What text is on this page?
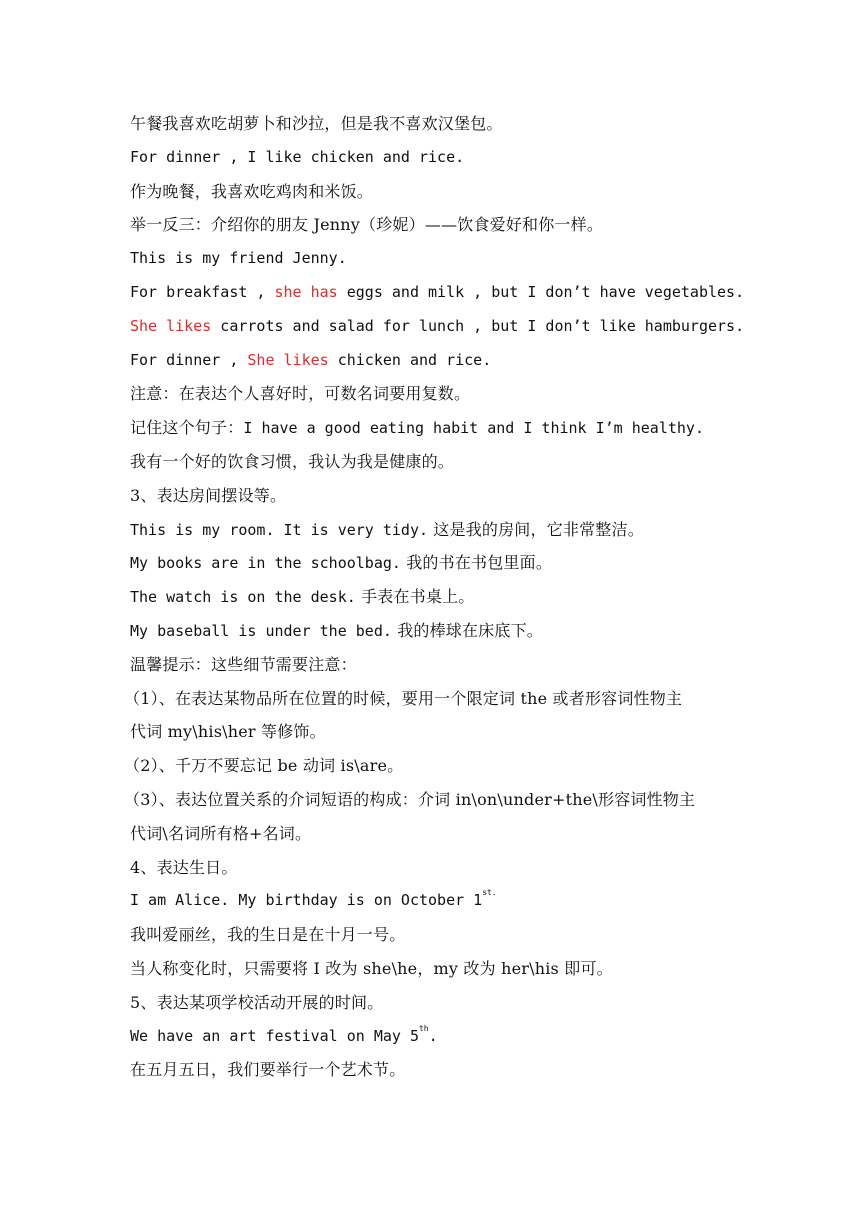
午餐我喜欢吃胡萝卜和沙拉，但是我不喜欢汉堡包。
For dinner , I like chicken and rice.
作为晚餐，我喜欢吃鸡肉和米饭。
举一反三：介绍你的朋友 Jenny（珍妮）——饮食爱好和你一样。
This is my friend Jenny.
For breakfast , she has eggs and milk , but I don’t have vegetables.
She likes carrots and salad for lunch , but I don’t like hamburgers.
For dinner , She likes chicken and rice.
注意：在表达个人喜好时，可数名词要用复数。
记住这个句子：I have a good eating habit and I think I’m healthy.
我有一个好的饮食习惯，我认为我是健康的。
3、表达房间摆设等。
This is my room. It is very tidy. 这是我的房间，它非常整洁。
My books are in the schoolbag. 我的书在书包里面。
The watch is on the desk. 手表在书桌上。
My baseball is under the bed. 我的棒球在床底下。
温馨提示：这些细节需要注意：
（1）、在表达某物品所在位置的时候，要用一个限定词 the 或者形容词性物主
代词 my\his\her 等修饰。
（2）、千万不要忘记 be 动词 is\are。
（3）、表达位置关系的介词短语的构成：介词 in\on\under+the\形容词性物主
代词\名词所有格+名词。
4、表达生日。
I am Alice. My birthday is on October $1^{st.}$
我叫爱丽丝，我的生日是在十月一号。
当人称变化时，只需要将 I 改为 she\he，my 改为 her\his 即可。
5、表达某项学校活动开展的时间。
We have an art festival on May 5th.
在五月五日，我们要举行一个艺术节。
